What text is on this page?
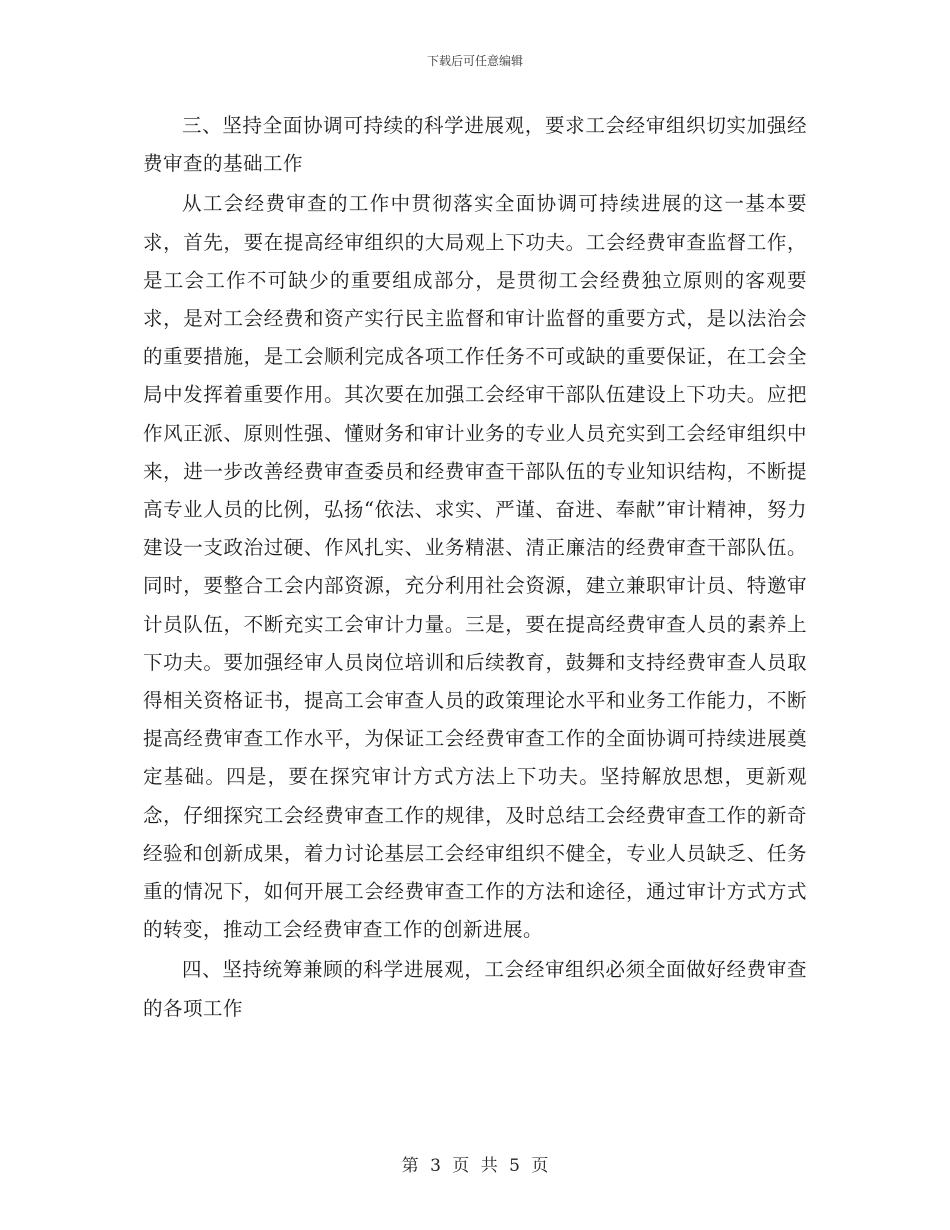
下载后可任意编辑

三、坚持全面协调可持续的科学进展观，要求工会经审组织切实加强经费审查的基础工作

从工会经费审查的工作中贯彻落实全面协调可持续进展的这一基本要求，首先，要在提高经审组织的大局观上下功夫。工会经费审查监督工作，是工会工作不可缺少的重要组成部分，是贯彻工会经费独立原则的客观要求，是对工会经费和资产实行民主监督和审计监督的重要方式，是以法治会的重要措施，是工会顺利完成各项工作任务不可或缺的重要保证，在工会全局中发挥着重要作用。其次要在加强工会经审干部队伍建设上下功夫。应把作风正派、原则性强、懂财务和审计业务的专业人员充实到工会经审组织中来，进一步改善经费审查委员和经费审查干部队伍的专业知识结构，不断提高专业人员的比例，弘扬“依法、求实、严谨、奋进、奉献”审计精神，努力建设一支政治过硬、作风扎实、业务精湛、清正廉洁的经费审查干部队伍。同时，要整合工会内部资源，充分利用社会资源，建立兼职审计员、特邀审计员队伍，不断充实工会审计力量。三是，要在提高经费审查人员的素养上下功夫。要加强经审人员岗位培训和后续教育，鼓舞和支持经费审查人员取得相关资格证书，提高工会审查人员的政策理论水平和业务工作能力，不断提高经费审查工作水平，为保证工会经费审查工作的全面协调可持续进展奠定基础。四是，要在探究审计方式方法上下功夫。坚持解放思想，更新观念，仔细探究工会经费审查工作的规律，及时总结工会经费审查工作的新奇经验和创新成果，着力讨论基层工会经审组织不健全，专业人员缺乏、任务重的情况下，如何开展工会经费审查工作的方法和途径，通过审计方式方式的转变，推动工会经费审查工作的创新进展。

四、坚持统筹兼顾的科学进展观，工会经审组织必须全面做好经费审查的各项工作

第 3 页 共 5 页
